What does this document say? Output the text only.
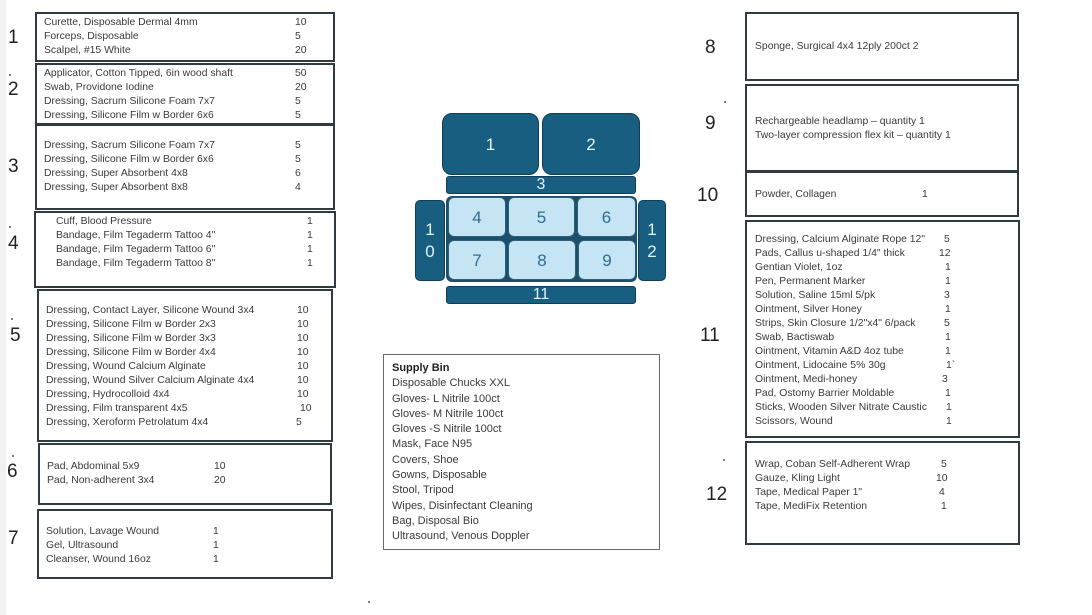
1
Curette, Disposable Dermal 4mm	10
Forceps, Disposable	5
Scalpel, #15 White	20
2
Applicator, Cotton Tipped, 6in wood shaft	50
Swab, Providone Iodine	20
Dressing, Sacrum Silicone Foam 7x7	5
Dressing, Silicone Film w Border 6x6	5
3
Dressing, Sacrum Silicone Foam 7x7	5
Dressing, Silicone Film w Border 6x6	5
Dressing, Super Absorbent 4x8	6
Dressing, Super Absorbent 8x8	4
4
Cuff, Blood Pressure	1
Bandage, Film Tegaderm Tattoo 4"	1
Bandage, Film Tegaderm Tattoo 6"	1
Bandage, Film Tegaderm Tattoo 8"	1
5
Dressing, Contact Layer, Silicone Wound 3x4	10
Dressing, Silicone Film w Border 2x3	10
Dressing, Silicone Film w Border 3x3	10
Dressing, Silicone Film w Border 4x4	10
Dressing, Wound Calcium Alginate	10
Dressing, Wound Silver Calcium Alginate 4x4	10
Dressing, Hydrocolloid 4x4	10
Dressing, Film transparent 4x5	10
Dressing, Xeroform Petrolatum 4x4	5
6	Pad, Abdominal 5x9	10
Pad, Non-adherent 3x4	20
7	Solution, Lavage Wound	1
Gel, Ultrasound	1
Cleanser, Wound 16oz	1
1	2
3
1
0
1
2
4	5	6
7	8	9
11
Supply Bin
Disposable Chucks XXL
Gloves- L Nitrile 100ct
Gloves- M Nitrile 100ct
Gloves -S Nitrile 100ct
Mask, Face N95
Covers, Shoe
Gowns, Disposable
Stool, Tripod
Wipes, Disinfectant Cleaning
Bag, Disposal Bio
Ultrasound, Venous Doppler
8	Sponge, Surgical 4x4 12ply 200ct 2
9	Rechargeable headlamp – quantity 1
Two-layer compression flex kit – quantity 1
10	Powder, Collagen	1
11
Dressing, Calcium Alginate Rope 12" 5
Pads, Callus u-shaped 1/4" thick	12
Gentian Violet, 1oz	1
Pen, Permanent Marker	1
Solution, Saline 15ml 5/pk	3
Ointment, Silver Honey	1
Strips, Skin Closure 1/2"x4" 6/pack	5
Swab, Bactiswab	1
Ointment, Vitamin A&D 4oz tube	1
Ointment, Lidocaine 5% 30g	1`
Ointment, Medi-honey	3
Pad, Ostomy Barrier Moldable	1
Sticks, Wooden Silver Nitrate Caustic 1
Scissors, Wound	1
12
Wrap, Coban Self-Adherent Wrap	5
Gauze, Kling Light	10
Tape, Medical Paper 1"	4
Tape, MediFix Retention	1
